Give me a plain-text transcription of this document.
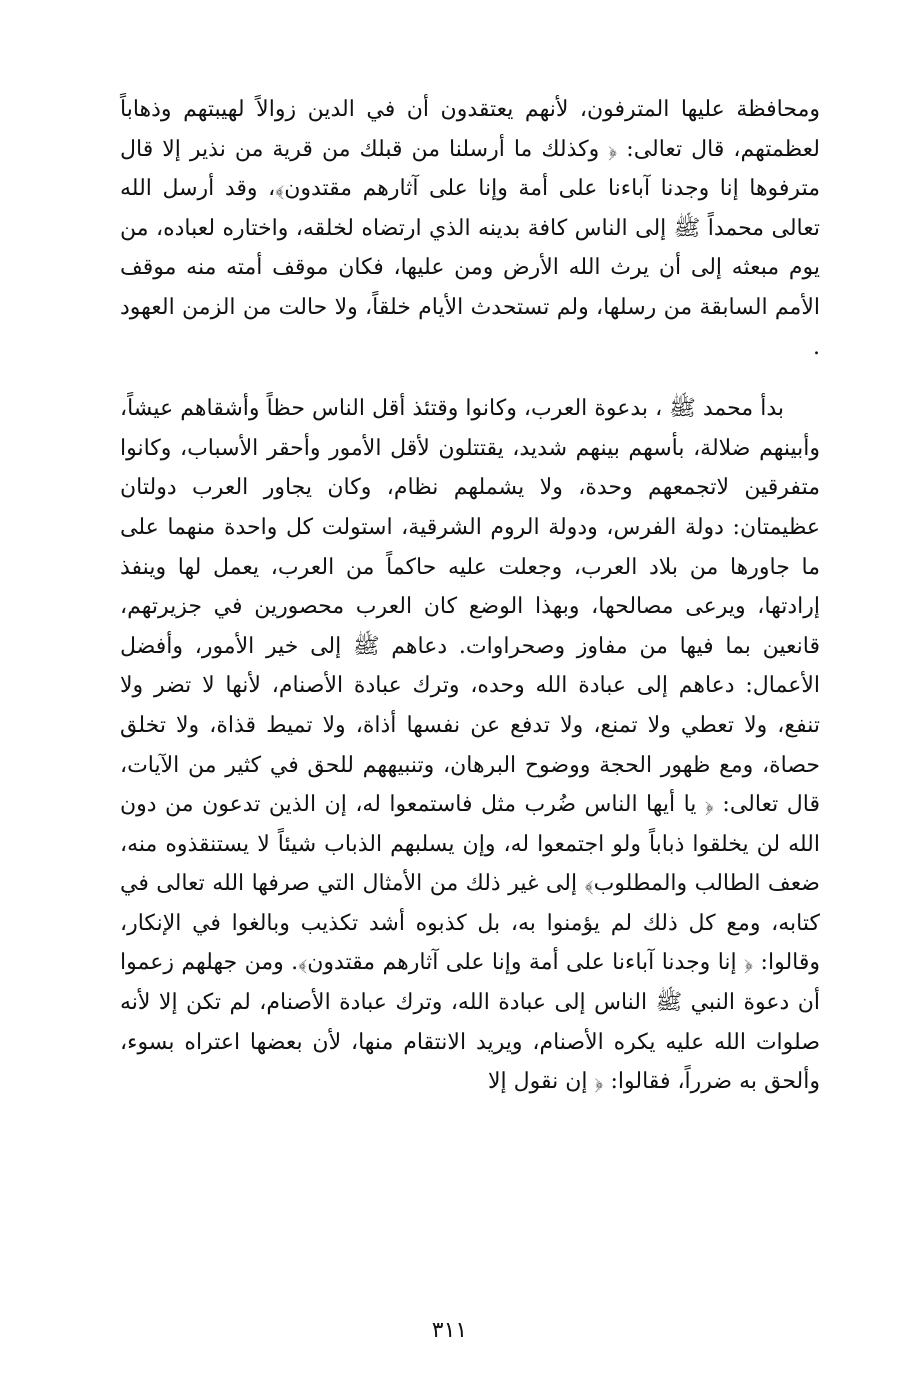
ومحافظة عليها المترفون، لأنهم يعتقدون أن في الدين زوالاً لهيبتهم وذهاباً لعظمتهم، قال تعالى: ﴿ وكذلك ما أرسلنا من قبلك من قرية من نذير إلا قال مترفوها إنا وجدنا آباءنا على أمة وإنا على آثارهم مقتدون﴾، وقد أرسل الله تعالى محمداً ﷺ إلى الناس كافة بدينه الذي ارتضاه لخلقه، واختاره لعباده، من يوم مبعثه إلى أن يرث الله الأرض ومن عليها، فكان موقف أمته منه موقف الأمم السابقة من رسلها، ولم تستحدث الأيام خلقاً، ولا حالت من الزمن العهود .

بدأ محمد ﷺ ، بدعوة العرب، وكانوا وقتئذ أقل الناس حظاً وأشقاهم عيشاً، وأبينهم ضلالة، بأسهم بينهم شديد، يقتتلون لأقل الأمور وأحقر الأسباب، وكانوا متفرقين لاتجمعهم وحدة، ولا يشملهم نظام، وكان يجاور العرب دولتان عظيمتان: دولة الفرس، ودولة الروم الشرقية، استولت كل واحدة منهما على ما جاورها من بلاد العرب، وجعلت عليه حاكماً من العرب، يعمل لها وينفذ إرادتها، ويرعى مصالحها، وبهذا الوضع كان العرب محصورين في جزيرتهم، قانعين بما فيها من مفاوز وصحراوات. دعاهم ﷺ إلى خير الأمور، وأفضل الأعمال: دعاهم إلى عبادة الله وحده، وترك عبادة الأصنام، لأنها لا تضر ولا تنفع، ولا تعطي ولا تمنع، ولا تدفع عن نفسها أذاة، ولا تميط قذاة، ولا تخلق حصاة، ومع ظهور الحجة ووضوح البرهان، وتنبيههم للحق في كثير من الآيات، قال تعالى: ﴿ يا أيها الناس ضُرب مثل فاستمعوا له، إن الذين تدعون من دون الله لن يخلقوا ذباباً ولو اجتمعوا له، وإن يسلبهم الذباب شيئاً لا يستنقذوه منه، ضعف الطالب والمطلوب﴾ إلى غير ذلك من الأمثال التي صرفها الله تعالى في كتابه، ومع كل ذلك لم يؤمنوا به، بل كذبوه أشد تكذيب وبالغوا في الإنكار، وقالوا: ﴿ إنا وجدنا آباءنا على أمة وإنا على آثارهم مقتدون﴾. ومن جهلهم زعموا أن دعوة النبي ﷺ الناس إلى عبادة الله، وترك عبادة الأصنام، لم تكن إلا لأنه صلوات الله عليه يكره الأصنام، ويريد الانتقام منها، لأن بعضها اعتراه بسوء، وألحق به ضرراً، فقالوا: ﴿ إن نقول إلا

٣١١
